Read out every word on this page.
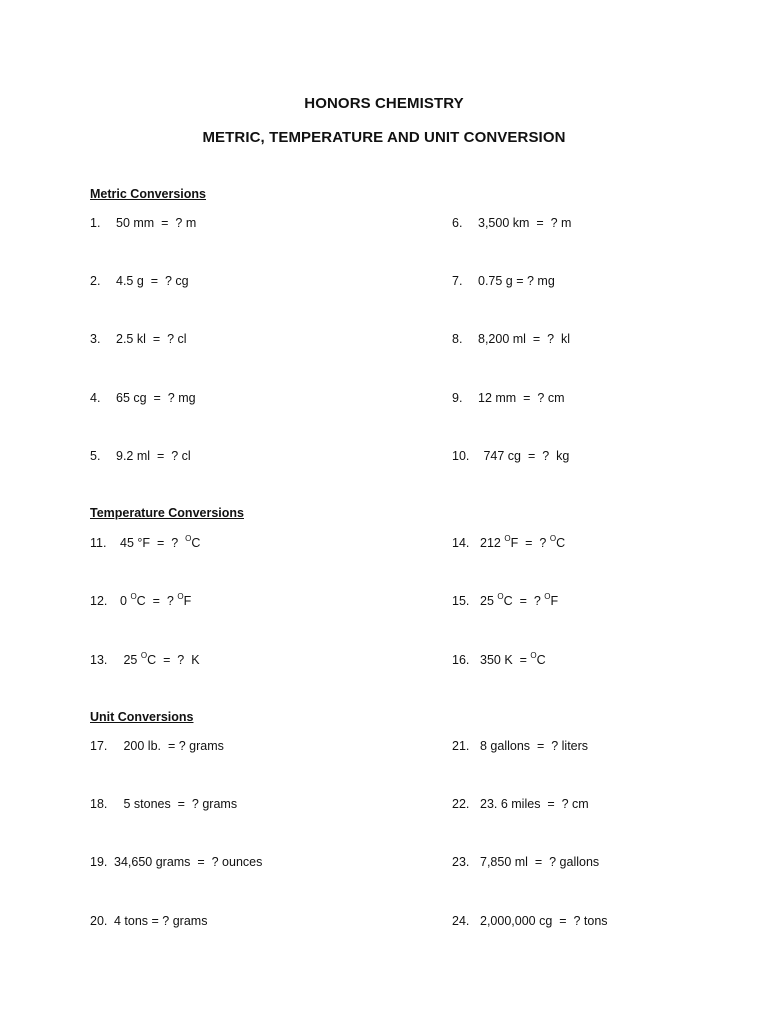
HONORS CHEMISTRY
METRIC, TEMPERATURE AND UNIT CONVERSION
Metric Conversions
1. 50 mm  =  ? m
2. 4.5 g  =  ? cg
3. 2.5 kl  =  ? cl
4. 65 cg  =  ? mg
5. 9.2 ml  =  ? cl
6. 3,500 km  =  ? m
7. 0.75 g = ? mg
8. 8,200 ml  =  ?  kl
9. 12 mm  =  ? cm
10. 747 cg  =  ?  kg
Temperature Conversions
11. 45 °F  =  ?  $^O$C
12. 0 $^O$C  =  ? $^O$F
13. 25 $^O$C  =  ?  K
14. 212 $^O$F  =  ? $^O$C
15. 25 $^O$C  =  ? $^O$F
16. 350 K  = $^O$C
Unit Conversions
17. 200 lb.  = ? grams
18. 5 stones  =  ? grams
19. 34,650 grams  =  ? ounces
20. 4 tons = ? grams
21. 8 gallons  =  ? liters
22. 23. 6 miles  =  ? cm
23. 7,850 ml  =  ? gallons
24. 2,000,000 cg  =  ? tons
